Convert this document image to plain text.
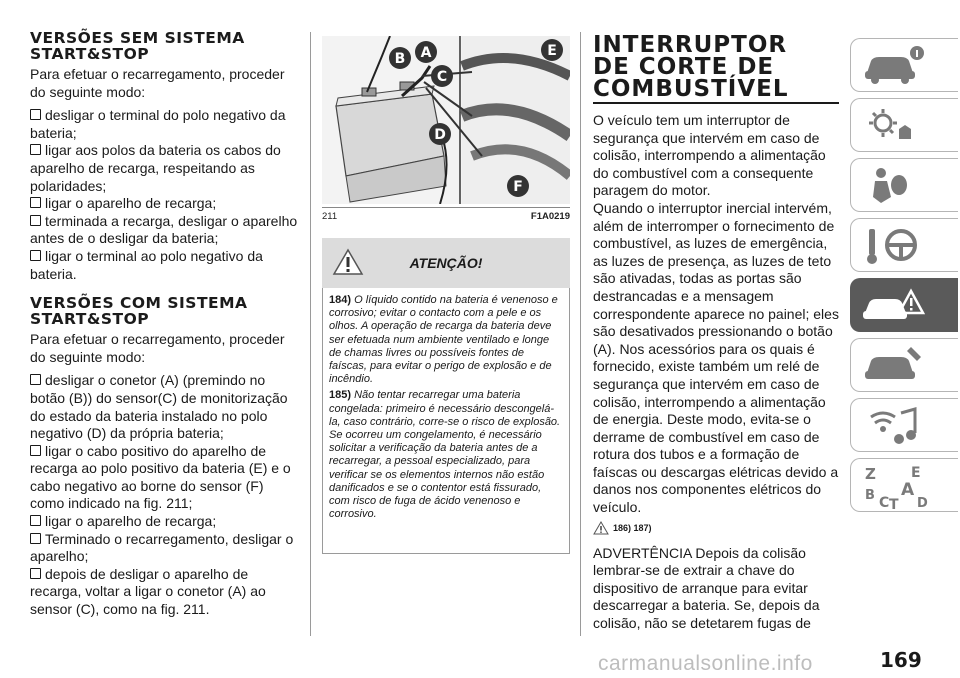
VERSÕES SEM SISTEMA
START&STOP

Para efetuar o recarregamento, proceder do seguinte modo:

desligar o terminal do polo negativo da bateria;

ligar aos polos da bateria os cabos do aparelho de recarga, respeitando as polaridades;

ligar o aparelho de recarga;

terminada a recarga, desligar o aparelho antes de o desligar da bateria;

ligar o terminal ao polo negativo da bateria.

VERSÕES COM SISTEMA
START&STOP

Para efetuar o recarregamento, proceder do seguinte modo:

desligar o conetor (A) (premindo no botão (B)) do sensor(C) de monitorização do estado da bateria instalado no polo negativo (D) da própria bateria;

ligar o cabo positivo do aparelho de recarga ao polo positivo da bateria (E) e o cabo negativo ao borne do sensor (F) como indicado na fig. 211;

ligar o aparelho de recarga;

Terminado o recarregamento, desligar o aparelho;

depois de desligar o aparelho de recarga, voltar a ligar o conetor (A) ao sensor (C), como na fig. 211.

B A
C
D
E
F
211	F1A0219
ATENÇÃO!

184) O líquido contido na bateria é venenoso e corrosivo; evitar o contacto com a pele e os olhos. A operação de recarga da bateria deve ser efetuada num ambiente ventilado e longe de chamas livres ou possíveis fontes de faíscas, para evitar o perigo de explosão e de incêndio.

185) Não tentar recarregar uma bateria congelada: primeiro é necessário descongelá-la, caso contrário, corre-se o risco de explosão. Se ocorreu um congelamento, é necessário solicitar a verificação da bateria antes de a recarregar, a pessoal especializado, para verificar se os elementos internos não estão danificados e se o contentor está fissurado, com risco de fuga de ácido venenoso e corrosivo.

INTERRUPTOR
DE CORTE DE
COMBUSTÍVEL

O veículo tem um interruptor de segurança que intervém em caso de colisão, interrompendo a alimentação do combustível com a consequente paragem do motor.

Quando o interruptor inercial intervém, além de interromper o fornecimento de combustível, as luzes de emergência, as luzes de presença, as luzes de teto são ativadas, todas as portas são destrancadas e a mensagem correspondente aparece no painel; eles são desativados pressionando o botão (A). Nos acessórios para os quais é fornecido, existe também um relé de segurança que intervém em caso de colisão, interrompendo a alimentação de energia. Deste modo, evita-se o derrame de combustível em caso de rotura dos tubos e a formação de faíscas ou descargas elétricas devido a danos nos componentes elétricos do veículo.

186) 187)

ADVERTÊNCIA Depois da colisão lembrar-se de extrair a chave do dispositivo de arranque para evitar descarregar a bateria. Se, depois da colisão, não se detetarem fugas de

Z	E
B A
C T D
169
carmanualsonline.info
